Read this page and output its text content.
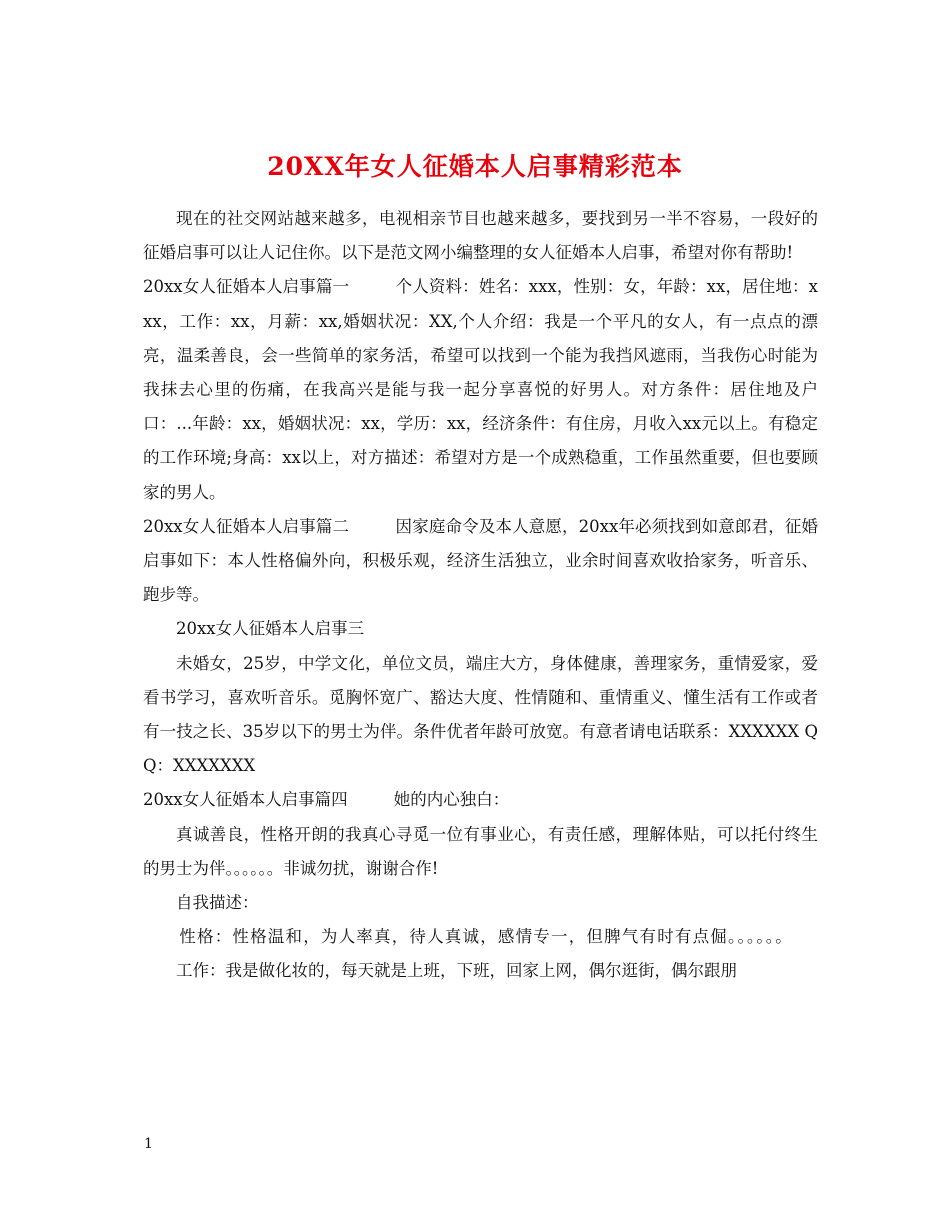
20XX年女人征婚本人启事精彩范本

现在的社交网站越来越多，电视相亲节目也越来越多，要找到另一半不容易，一段好的征婚启事可以让人记住你。以下是范文网小编整理的女人征婚本人启事，希望对你有帮助!

20xx女人征婚本人启事篇一	个人资料：姓名：xxx，性别：女，年龄：xx，居住地：xxx，工作：xx，月薪：xx,婚姻状况：XX,个人介绍：我是一个平凡的女人，有一点点的漂亮，温柔善良，会一些简单的家务活，希望可以找到一个能为我挡风遮雨，当我伤心时能为我抹去心里的伤痛，在我高兴是能与我一起分享喜悦的好男人。对方条件：居住地及户口：...年龄：xx，婚姻状况：xx，学历：xx，经济条件：有住房，月收入xx元以上。有稳定的工作环境;身高：xx以上，对方描述：希望对方是一个成熟稳重，工作虽然重要，但也要顾家的男人。

20xx女人征婚本人启事篇二	因家庭命令及本人意愿，20xx年必须找到如意郎君，征婚启事如下：本人性格偏外向，积极乐观，经济生活独立，业余时间喜欢收拾家务，听音乐、跑步等。

20xx女人征婚本人启事三

未婚女，25岁，中学文化，单位文员，端庄大方，身体健康，善理家务，重情爱家，爱看书学习，喜欢听音乐。觅胸怀宽广、豁达大度、性情随和、重情重义、懂生活有工作或者有一技之长、35岁以下的男士为伴。条件优者年龄可放宽。有意者请电话联系：XXXXXX QQ：XXXXXXX

20xx女人征婚本人启事篇四	她的内心独白：

真诚善良，性格开朗的我真心寻觅一位有事业心，有责任感，理解体贴，可以托付终生的男士为伴。。。。。。非诚勿扰，谢谢合作!

自我描述：

性格：性格温和，为人率真，待人真诚，感情专一，但脾气有时有点倔。。。。。。

工作：我是做化妆的，每天就是上班，下班，回家上网，偶尔逛街，偶尔跟朋

1
